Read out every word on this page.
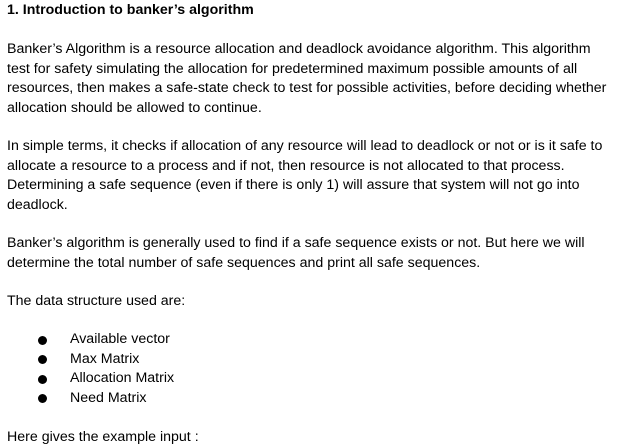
1. Introduction to banker’s algorithm

Banker’s Algorithm is a resource allocation and deadlock avoidance algorithm. This algorithm
test for safety simulating the allocation for predetermined maximum possible amounts of all
resources, then makes a safe-state check to test for possible activities, before deciding whether
allocation should be allowed to continue.

In simple terms, it checks if allocation of any resource will lead to deadlock or not or is it safe to
allocate a resource to a process and if not, then resource is not allocated to that process.
Determining a safe sequence (even if there is only 1) will assure that system will not go into
deadlock.

Banker’s algorithm is generally used to find if a safe sequence exists or not. But here we will
determine the total number of safe sequences and print all safe sequences.

The data structure used are:

Available vector
Max Matrix
Allocation Matrix
Need Matrix

Here gives the example input :
